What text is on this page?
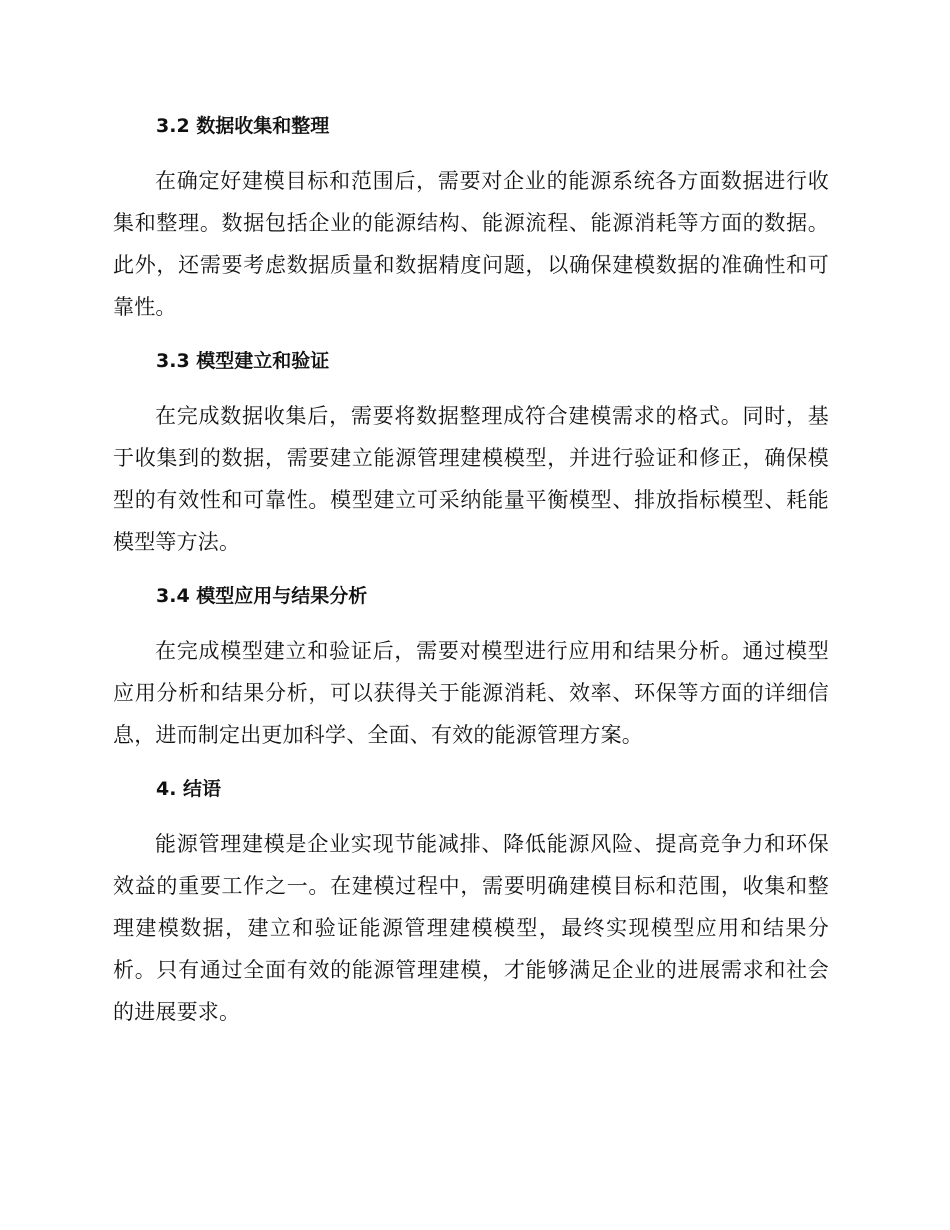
3.2 数据收集和整理

在确定好建模目标和范围后，需要对企业的能源系统各方面数据进行收集和整理。数据包括企业的能源结构、能源流程、能源消耗等方面的数据。此外，还需要考虑数据质量和数据精度问题，以确保建模数据的准确性和可靠性。

3.3 模型建立和验证

在完成数据收集后，需要将数据整理成符合建模需求的格式。同时，基于收集到的数据，需要建立能源管理建模模型，并进行验证和修正，确保模型的有效性和可靠性。模型建立可采纳能量平衡模型、排放指标模型、耗能模型等方法。

3.4 模型应用与结果分析

在完成模型建立和验证后，需要对模型进行应用和结果分析。通过模型应用分析和结果分析，可以获得关于能源消耗、效率、环保等方面的详细信息，进而制定出更加科学、全面、有效的能源管理方案。

4. 结语

能源管理建模是企业实现节能减排、降低能源风险、提高竞争力和环保效益的重要工作之一。在建模过程中，需要明确建模目标和范围，收集和整理建模数据，建立和验证能源管理建模模型，最终实现模型应用和结果分析。只有通过全面有效的能源管理建模，才能够满足企业的进展需求和社会的进展要求。
